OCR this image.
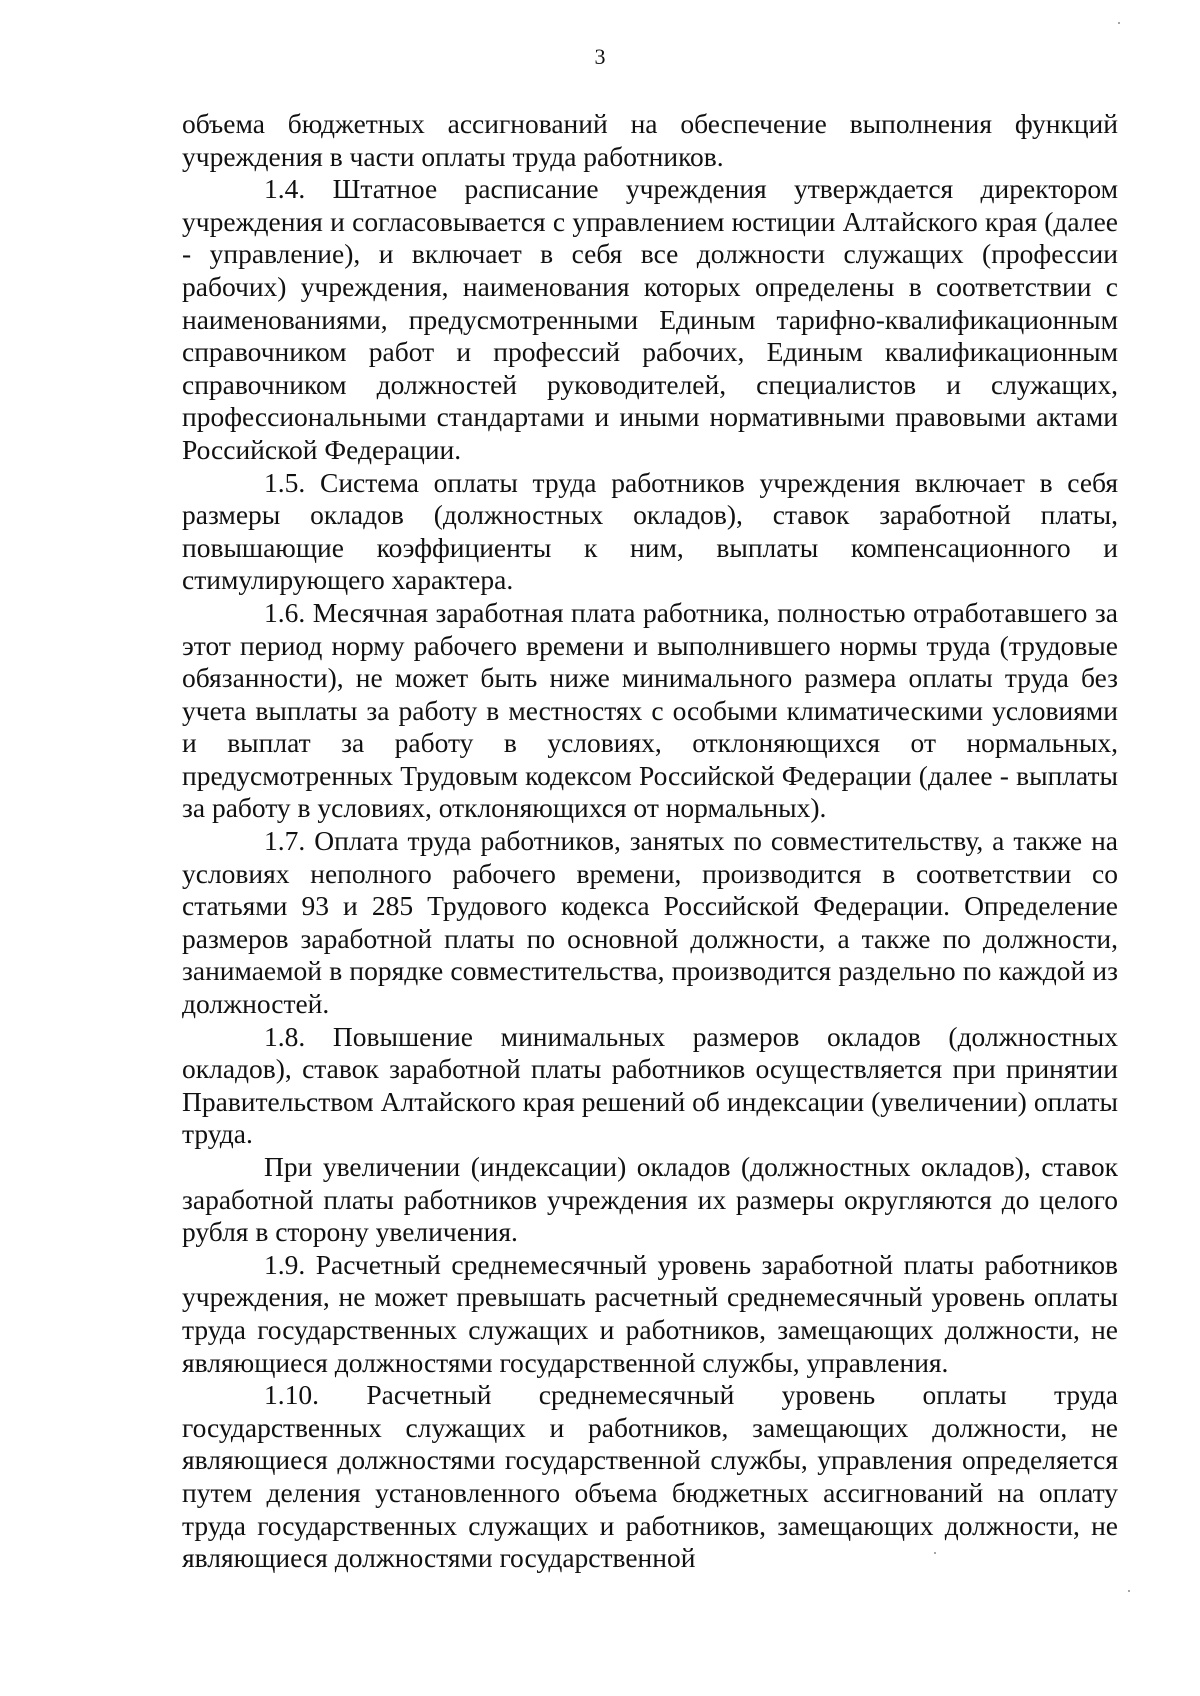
3

объема бюджетных ассигнований на обеспечение выполнения функций учреждения в части оплаты труда работников.

1.4. Штатное расписание учреждения утверждается директором учреждения и согласовывается с управлением юстиции Алтайского края (далее - управление), и включает в себя все должности служащих (профессии рабочих) учреждения, наименования которых определены в соответствии с наименованиями, предусмотренными Единым тарифно-квалификационным справочником работ и профессий рабочих, Единым квалификационным справочником должностей руководителей, специалистов и служащих, профессиональными стандартами и иными нормативными правовыми актами Российской Федерации.

1.5. Система оплаты труда работников учреждения включает в себя размеры окладов (должностных окладов), ставок заработной платы, повышающие коэффициенты к ним, выплаты компенсационного и стимулирующего характера.

1.6. Месячная заработная плата работника, полностью отработавшего за этот период норму рабочего времени и выполнившего нормы труда (трудовые обязанности), не может быть ниже минимального размера оплаты труда без учета выплаты за работу в местностях с особыми климатическими условиями и выплат за работу в условиях, отклоняющихся от нормальных, предусмотренных Трудовым кодексом Российской Федерации (далее - выплаты за работу в условиях, отклоняющихся от нормальных).

1.7. Оплата труда работников, занятых по совместительству, а также на условиях неполного рабочего времени, производится в соответствии со статьями 93 и 285 Трудового кодекса Российской Федерации. Определение размеров заработной платы по основной должности, а также по должности, занимаемой в порядке совместительства, производится раздельно по каждой из должностей.

1.8. Повышение минимальных размеров окладов (должностных окладов), ставок заработной платы работников осуществляется при принятии Правительством Алтайского края решений об индексации (увеличении) оплаты труда.

При увеличении (индексации) окладов (должностных окладов), ставок заработной платы работников учреждения их размеры округляются до целого рубля в сторону увеличения.

1.9. Расчетный среднемесячный уровень заработной платы работников учреждения, не может превышать расчетный среднемесячный уровень оплаты труда государственных служащих и работников, замещающих должности, не являющиеся должностями государственной службы, управления.

1.10. Расчетный среднемесячный уровень оплаты труда государственных служащих и работников, замещающих должности, не являющиеся должностями государственной службы, управления определяется путем деления установленного объема бюджетных ассигнований на оплату труда государственных служащих и работников, замещающих должности, не являющиеся должностями государственной
